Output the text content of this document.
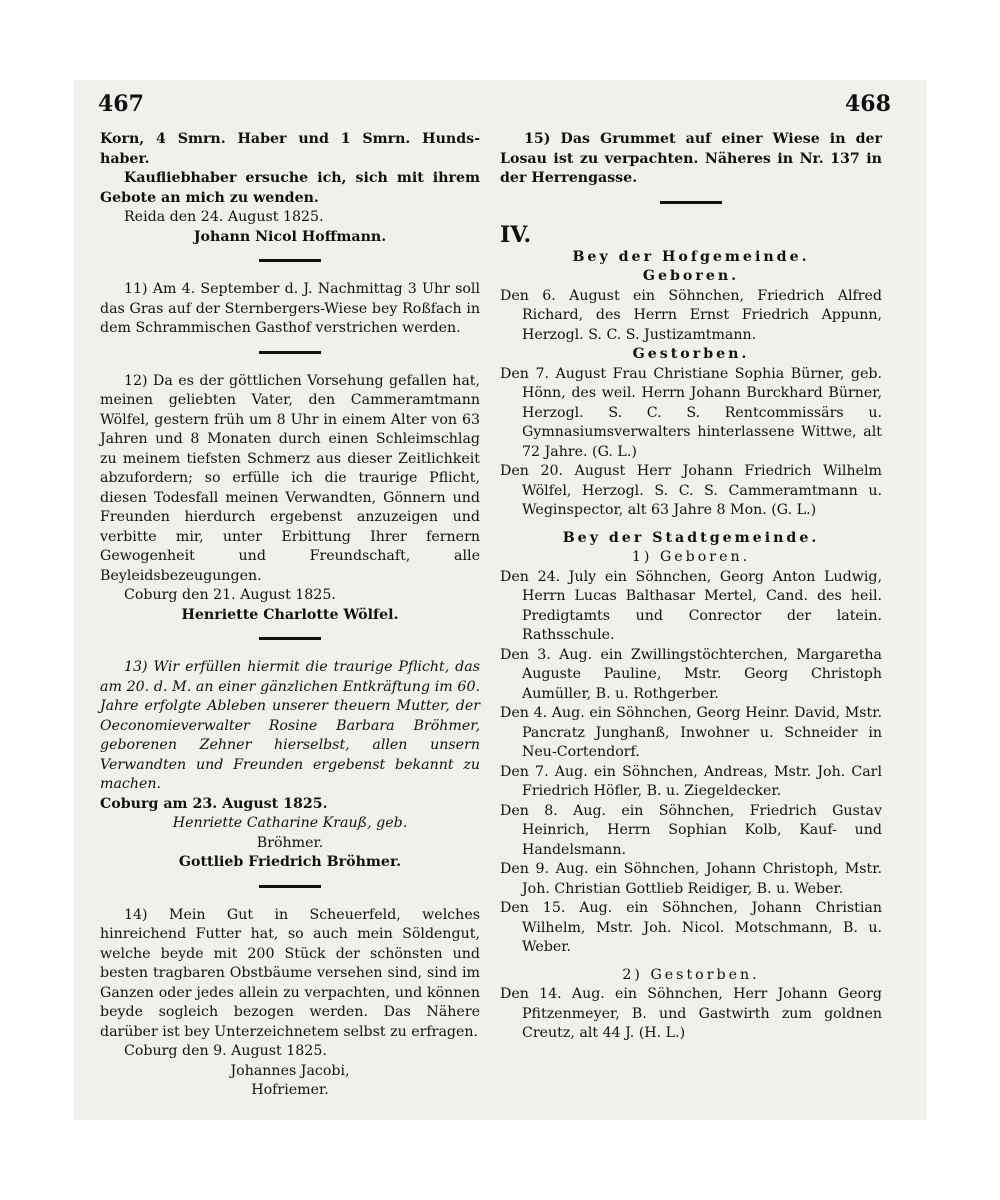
467	468

Korn, 4 Smrn. Haber und 1 Smrn. Hunds-haber.

Kaufliebhaber ersuche ich, sich mit ihrem Gebote an mich zu wenden.

Reida den 24. August 1825.

Johann Nicol Hoffmann.

11) Am 4. September d. J. Nachmittag 3 Uhr soll das Gras auf der Sternbergers-Wiese bey Roßfach in dem Schrammischen Gasthof verstrichen werden.

12) Da es der göttlichen Vorsehung gefallen hat, meinen geliebten Vater, den Cammeramtmann Wölfel, gestern früh um 8 Uhr in einem Alter von 63 Jahren und 8 Monaten durch einen Schleimschlag zu meinem tiefsten Schmerz aus dieser Zeitlichkeit abzufordern; so erfülle ich die traurige Pflicht, diesen Todesfall meinen Verwandten, Gönnern und Freunden hierdurch ergebenst anzuzeigen und verbitte mir, unter Erbittung Ihrer fernern Gewogenheit und Freundschaft, alle Beyleidsbezeugungen.

Coburg den 21. August 1825.

Henriette Charlotte Wölfel.

13) Wir erfüllen hiermit die traurige Pflicht, das am 20. d. M. an einer gänzlichen Entkräftung im 60. Jahre erfolgte Ableben unserer theuern Mutter, der Oeconomieverwalter Rosine Barbara Bröhmer, geborenen Zehner hierselbst, allen unsern Verwandten und Freunden ergebenst bekannt zu machen.

Coburg am 23. August 1825.

Henriette Catharine Krauß, geb.

Bröhmer.

Gottlieb Friedrich Bröhmer.

14) Mein Gut in Scheuerfeld, welches hinreichend Futter hat, so auch mein Söldengut, welche beyde mit 200 Stück der schönsten und besten tragbaren Obstbäume versehen sind, sind im Ganzen oder jedes allein zu verpachten, und können beyde sogleich bezogen werden. Das Nähere darüber ist bey Unterzeichnetem selbst zu erfragen.

Coburg den 9. August 1825.

Johannes Jacobi,

Hofriemer.

15) Das Grummet auf einer Wiese in der Losau ist zu verpachten. Näheres in Nr. 137 in der Herrengasse.

IV.

Bey der Hofgemeinde.

Geboren.

Den 6. August ein Söhnchen, Friedrich Alfred Richard, des Herrn Ernst Friedrich Appunn, Herzogl. S. C. S. Justizamtmann.

Gestorben.

Den 7. August Frau Christiane Sophia Bürner, geb. Hönn, des weil. Herrn Johann Burckhard Bürner, Herzogl. S. C. S. Rentcommissärs u. Gymnasiumsverwalters hinterlassene Wittwe, alt 72 Jahre. (G. L.)

Den 20. August Herr Johann Friedrich Wilhelm Wölfel, Herzogl. S. C. S. Cammeramtmann u. Weginspector, alt 63 Jahre 8 Mon. (G. L.)

Bey der Stadtgemeinde.

1) Geboren.

Den 24. July ein Söhnchen, Georg Anton Ludwig, Herrn Lucas Balthasar Mertel, Cand. des heil. Predigtamts und Conrector der latein. Rathsschule.

Den 3. Aug. ein Zwillingstöchterchen, Margaretha Auguste Pauline, Mstr. Georg Christoph Aumüller, B. u. Rothgerber.

Den 4. Aug. ein Söhnchen, Georg Heinr. David, Mstr. Pancratz Junghanß, Inwohner u. Schneider in Neu-Cortendorf.

Den 7. Aug. ein Söhnchen, Andreas, Mstr. Joh. Carl Friedrich Höfler, B. u. Ziegeldecker.

Den 8. Aug. ein Söhnchen, Friedrich Gustav Heinrich, Herrn Sophian Kolb, Kauf- und Handelsmann.

Den 9. Aug. ein Söhnchen, Johann Christoph, Mstr. Joh. Christian Gottlieb Reidiger, B. u. Weber.

Den 15. Aug. ein Söhnchen, Johann Christian Wilhelm, Mstr. Joh. Nicol. Motschmann, B. u. Weber.

2) Gestorben.

Den 14. Aug. ein Söhnchen, Herr Johann Georg Pfitzenmeyer, B. und Gastwirth zum goldnen Creutz, alt 44 J. (H. L.)
